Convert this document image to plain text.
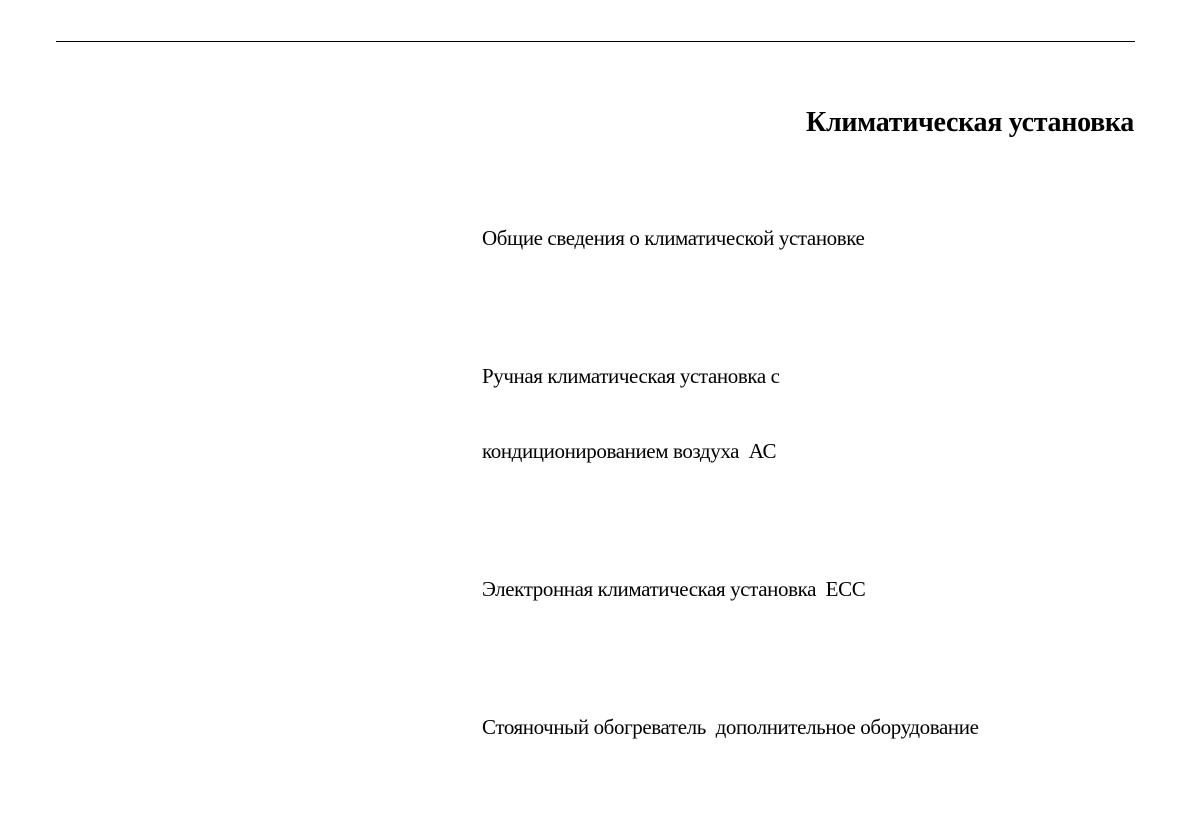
Климатическая установка

Общие сведения о климатической установке

Ручная климатическая установка с

кондиционированием воздуха  АС

Электронная климатическая установка  ЕСС

Стояночный обогреватель  дополнительное оборудование
